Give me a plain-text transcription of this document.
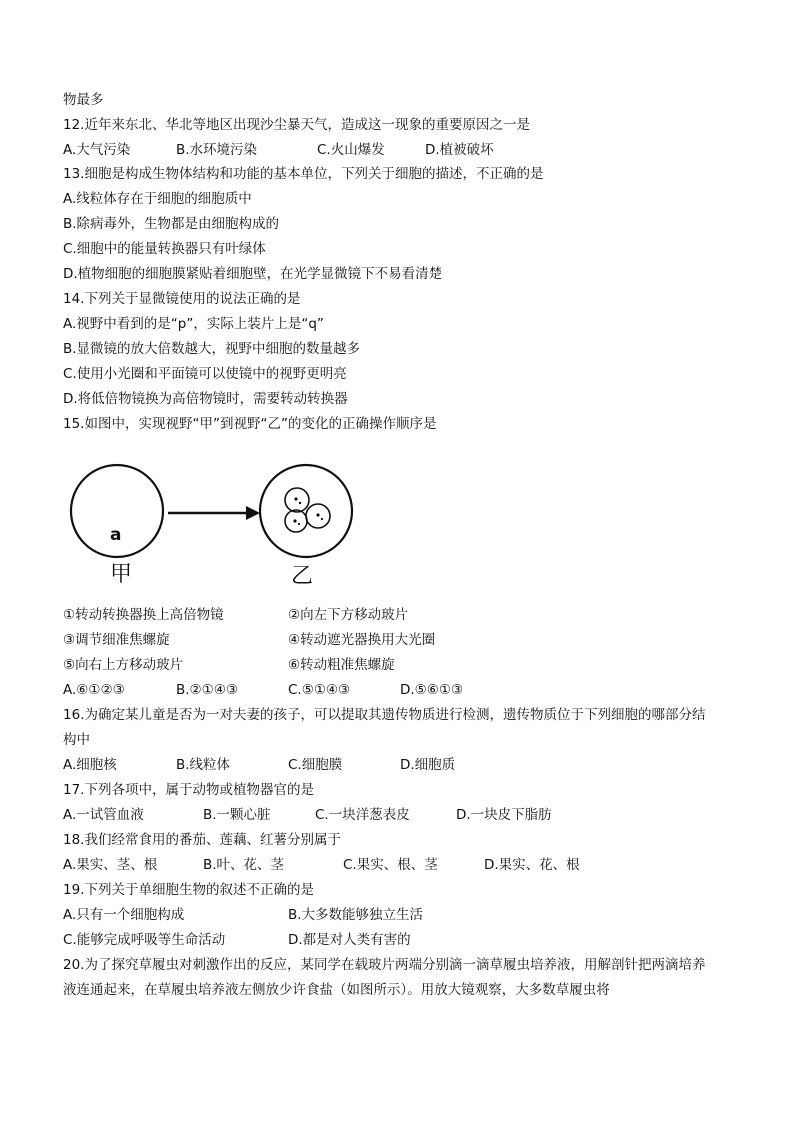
物最多
12.近年来东北、华北等地区出现沙尘暴天气，造成这一现象的重要原因之一是
A.大气污染	B.水环境污染	C.火山爆发	D.植被破坏
13.细胞是构成生物体结构和功能的基本单位，下列关于细胞的描述，不正确的是
A.线粒体存在于细胞的细胞质中
B.除病毒外，生物都是由细胞构成的
C.细胞中的能量转换器只有叶绿体
D.植物细胞的细胞膜紧贴着细胞壁，在光学显微镜下不易看清楚
14.下列关于显微镜使用的说法正确的是
A.视野中看到的是“p”，实际上装片上是“q”
B.显微镜的放大倍数越大，视野中细胞的数量越多
C.使用小光圈和平面镜可以使镜中的视野更明亮
D.将低倍物镜换为高倍物镜时，需要转动转换器
15.如图中，实现视野“甲”到视野“乙”的变化的正确操作顺序是
甲	乙
a
①转动转换器换上高倍物镜	②向左下方移动玻片
③调节细准焦螺旋	④转动遮光器换用大光圈
⑤向右上方移动玻片	⑥转动粗准焦螺旋
A.⑥①②③	B.②①④③	C.⑤①④③	D.⑤⑥①③
16.为确定某儿童是否为一对夫妻的孩子，可以提取其遗传物质进行检测，遗传物质位于下列细胞的哪部分结
构中
A.细胞核	B.线粒体	C.细胞膜	D.细胞质
17.下列各项中，属于动物或植物器官的是
A.一试管血液	B.一颗心脏	C.一块洋葱表皮	D.一块皮下脂肪
18.我们经常食用的番茄、莲藕、红薯分别属于
A.果实、茎、根	B.叶、花、茎	C.果实、根、茎	D.果实、花、根
19.下列关于单细胞生物的叙述不正确的是
A.只有一个细胞构成	B.大多数能够独立生活
C.能够完成呼吸等生命活动	D.都是对人类有害的
20.为了探究草履虫对刺激作出的反应，某同学在载玻片两端分别滴一滴草履虫培养液，用解剖针把两滴培养
液连通起来，在草履虫培养液左侧放少许食盐（如图所示）。用放大镜观察，大多数草履虫将
